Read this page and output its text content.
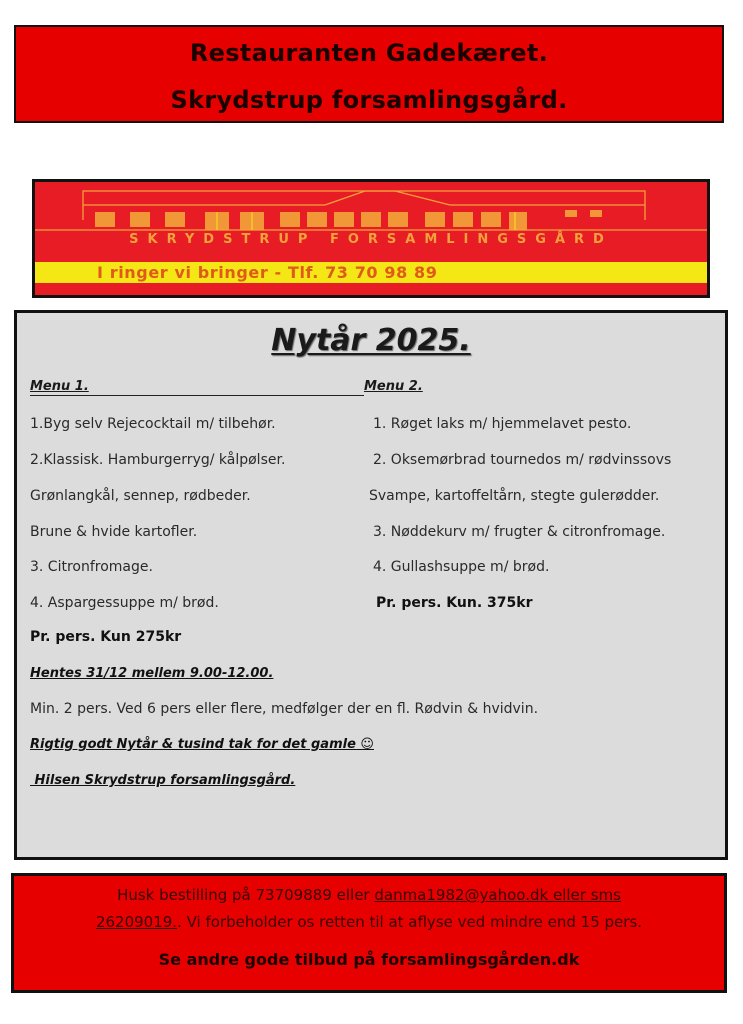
Restauranten Gadekæret.
Skrydstrup forsamlingsgård.
SKRYDSTRUP FORSAMLINGSGÅRD
I ringer vi bringer - Tlf. 73 70 98 89
Nytår 2025.
Menu 1.	Menu 2.
1.Byg selv Rejecocktail m/ tilbehør.
2.Klassisk. Hamburgerryg/ kålpølser.
Grønlangkål, sennep, rødbeder.
Brune & hvide kartofler.
3. Citronfromage.
4. Aspargessuppe m/ brød.
Pr. pers. Kun 275kr
1. Røget laks m/ hjemmelavet pesto.
2. Oksemørbrad tournedos m/ rødvinssovs
Svampe, kartoffeltårn, stegte gulerødder.
3. Nøddekurv m/ frugter & citronfromage.
4. Gullashsuppe m/ brød.
Pr. pers. Kun. 375kr
Hentes 31/12 mellem 9.00-12.00.
Min. 2 pers. Ved 6 pers eller flere, medfølger der en fl. Rødvin & hvidvin.
Rigtig godt Nytår & tusind tak for det gamle ☺
Hilsen Skrydstrup forsamlingsgård.
Husk bestilling på 73709889 eller danma1982@yahoo.dk eller sms
26209019.. Vi forbeholder os retten til at aflyse ved mindre end 15 pers.
Se andre gode tilbud på forsamlingsgården.dk
